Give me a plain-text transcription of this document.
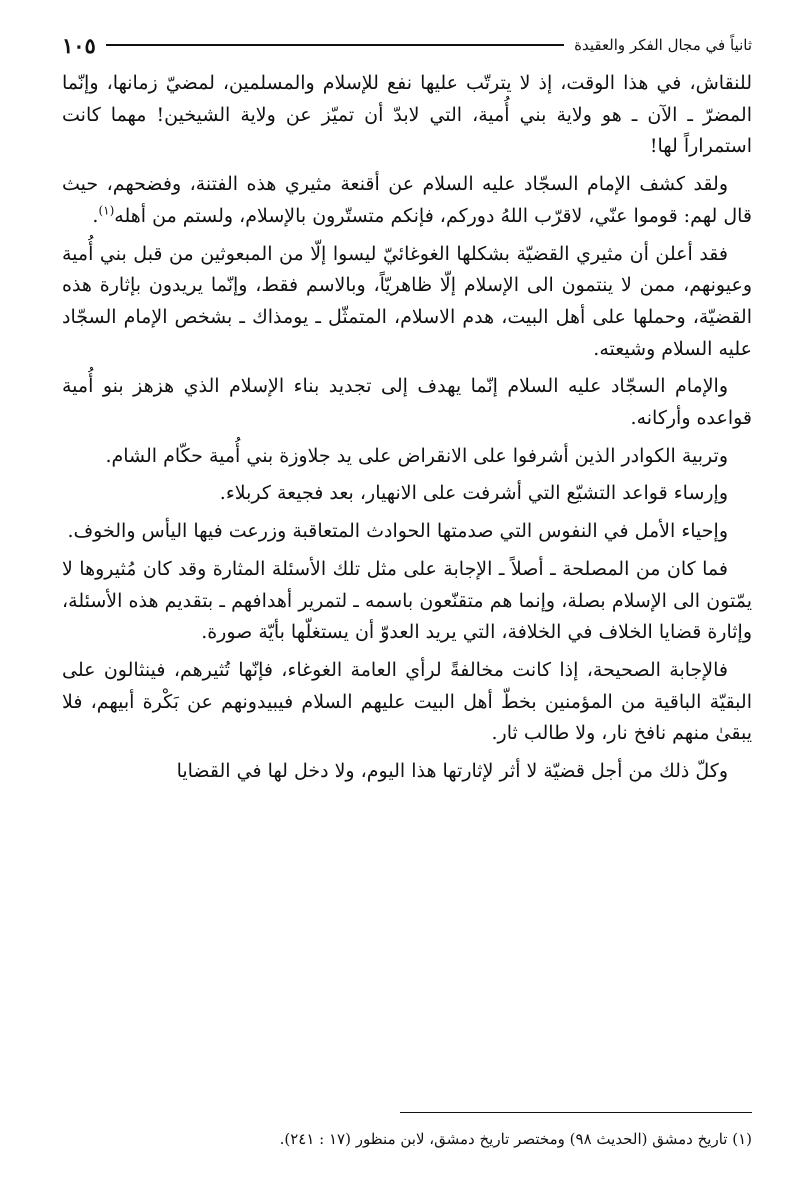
ثانياً في مجال الفكر والعقيدة
١٠٥

للنقاش، في هذا الوقت، إذ لا يترتّب عليها نفع للإسلام والمسلمين، لمضيّ زمانها، وإنّما المضرّ ـ الآن ـ هو ولاية بني أُمية، التي لابدّ أن تميّز عن ولاية الشيخين! مهما كانت استمراراً لها!

ولقد كشف الإمام السجّاد عليه السلام عن أقنعة مثيري هذه الفتنة، وفضحهم، حيث قال لهم: قوموا عنّي، لاقرّب اللهُ دوركم، فإنكم متستّرون بالإسلام، ولستم من أهله$^{(١)}$.

فقد أعلن أن مثيري القضيّة بشكلها الغوغائيّ ليسوا إلّا من المبعوثين من قبل بني أُمية وعيونهم، ممن لا ينتمون الى الإسلام إلّا ظاهريّاً، وبالاسم فقط، وإنّما يريدون بإثارة هذه القضيّة، وحملها على أهل البيت، هدم الاسلام، المتمثّل ـ يومذاك ـ بشخص الإمام السجّاد عليه السلام وشيعته.

والإمام السجّاد عليه السلام إنّما يهدف إلى تجديد بناء الإسلام الذي هزهز بنو أُمية قواعده وأركانه.

وتربية الكوادر الذين أشرفوا على الانقراض على يد جلاوزة بني أُمية حكّام الشام.

وإرساء قواعد التشيّع التي أشرفت على الانهيار، بعد فجيعة كربلاء.

وإحياء الأمل في النفوس التي صدمتها الحوادث المتعاقبة وزرعت فيها اليأس والخوف.

فما كان من المصلحة ـ أصلاً ـ الإجابة على مثل تلك الأسئلة المثارة وقد كان مُثيروها لا يمّتون الى الإسلام بصلة، وإنما هم متقنّعون باسمه ـ لتمرير أهدافهم ـ بتقديم هذه الأسئلة، وإثارة قضايا الخلاف في الخلافة، التي يريد العدوّ أن يستغلّها بأيّة صورة.

فالإجابة الصحيحة، إذا كانت مخالفةً لرأي العامة الغوغاء، فإنّها تُثيرهم، فينثالون على البقيّة الباقية من المؤمنين بخطّ أهل البيت عليهم السلام فيبيدونهم عن بَكْرة أبيهم، فلا يبقىٰ منهم نافخ نار، ولا طالب ثار.

وكلّ ذلك من أجل قضيّة لا أثر لإثارتها هذا اليوم، ولا دخل لها في القضايا

(١) تاريخ دمشق (الحديث ٩٨) ومختصر تاريخ دمشق، لابن منظور (١٧ : ٢٤١).
